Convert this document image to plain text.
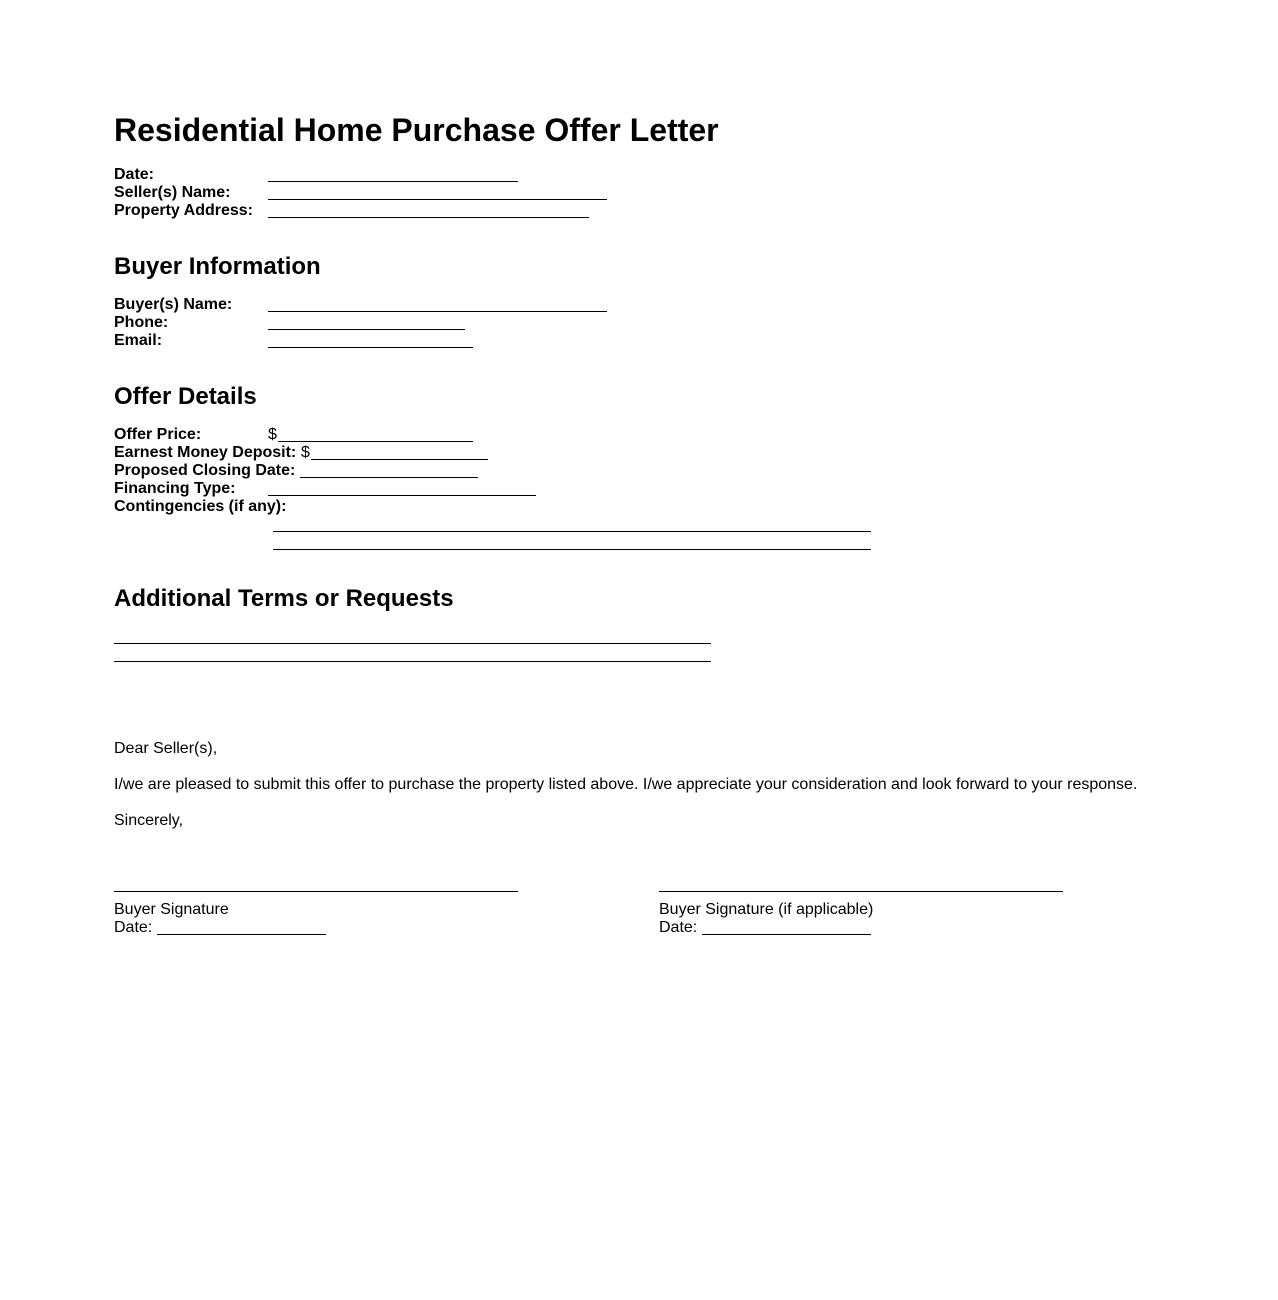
Residential Home Purchase Offer Letter
Date:
Seller(s) Name:
Property Address:
Buyer Information
Buyer(s) Name:
Phone:
Email:
Offer Details
Offer Price:	$
Earnest Money Deposit: $
Proposed Closing Date:
Financing Type:
Contingencies (if any):
Additional Terms or Requests
Dear Seller(s),
I/we are pleased to submit this offer to purchase the property listed above. I/we appreciate your consideration and look forward to your response.
Sincerely,
Buyer Signature
Date:
Buyer Signature (if applicable)
Date:
